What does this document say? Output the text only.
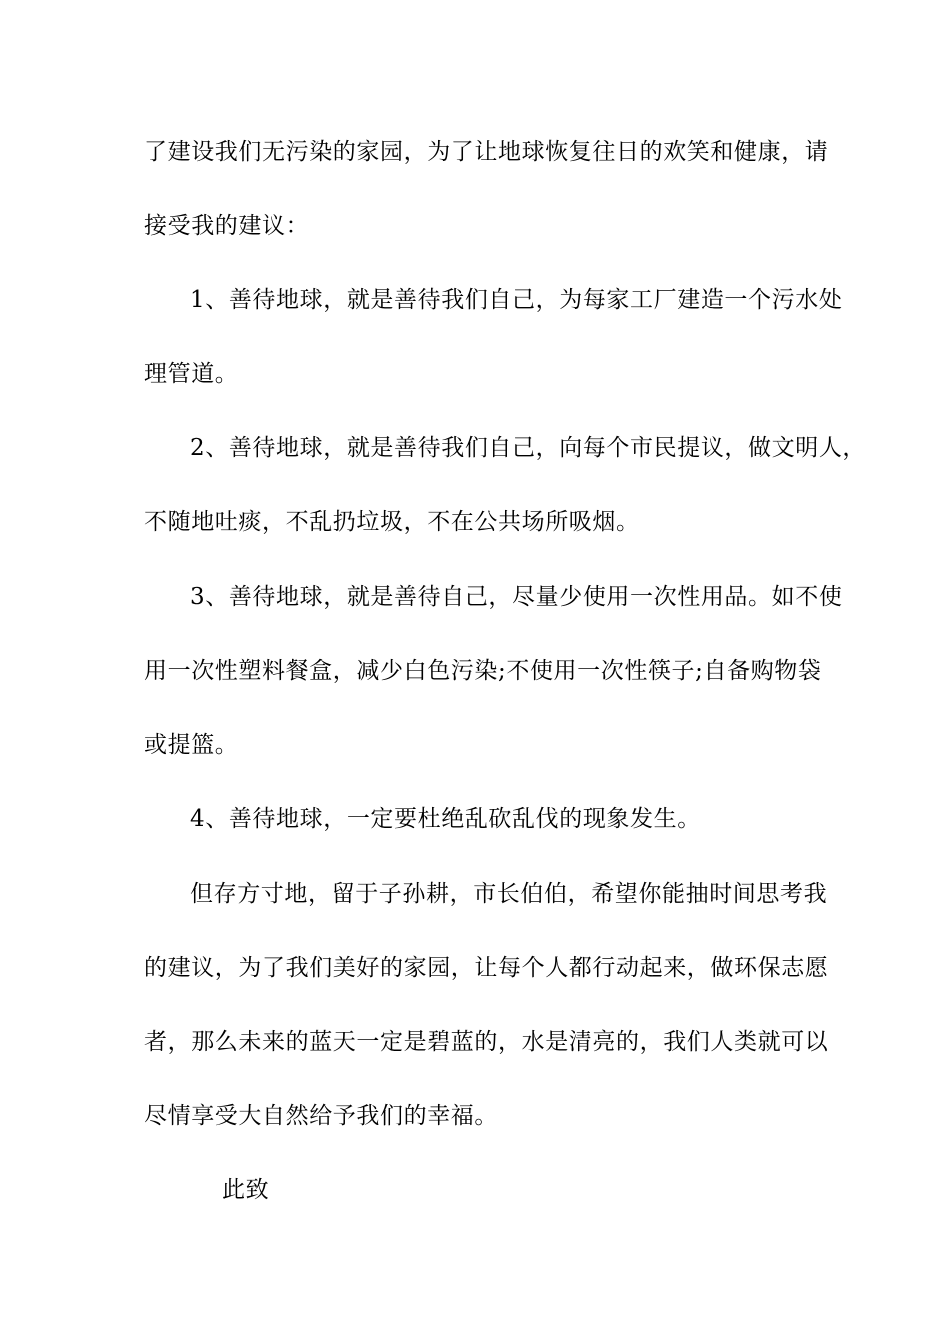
了建设我们无污染的家园，为了让地球恢复往日的欢笑和健康，请
接受我的建议：
1、善待地球，就是善待我们自己，为每家工厂建造一个污水处
理管道。
2、善待地球，就是善待我们自己，向每个市民提议，做文明人，
不随地吐痰，不乱扔垃圾，不在公共场所吸烟。
3、善待地球，就是善待自己，尽量少使用一次性用品。如不使
用一次性塑料餐盒，减少白色污染;不使用一次性筷子;自备购物袋
或提篮。
4、善待地球，一定要杜绝乱砍乱伐的现象发生。
但存方寸地，留于子孙耕，市长伯伯，希望你能抽时间思考我
的建议，为了我们美好的家园，让每个人都行动起来，做环保志愿
者，那么未来的蓝天一定是碧蓝的，水是清亮的，我们人类就可以
尽情享受大自然给予我们的幸福。
此致
